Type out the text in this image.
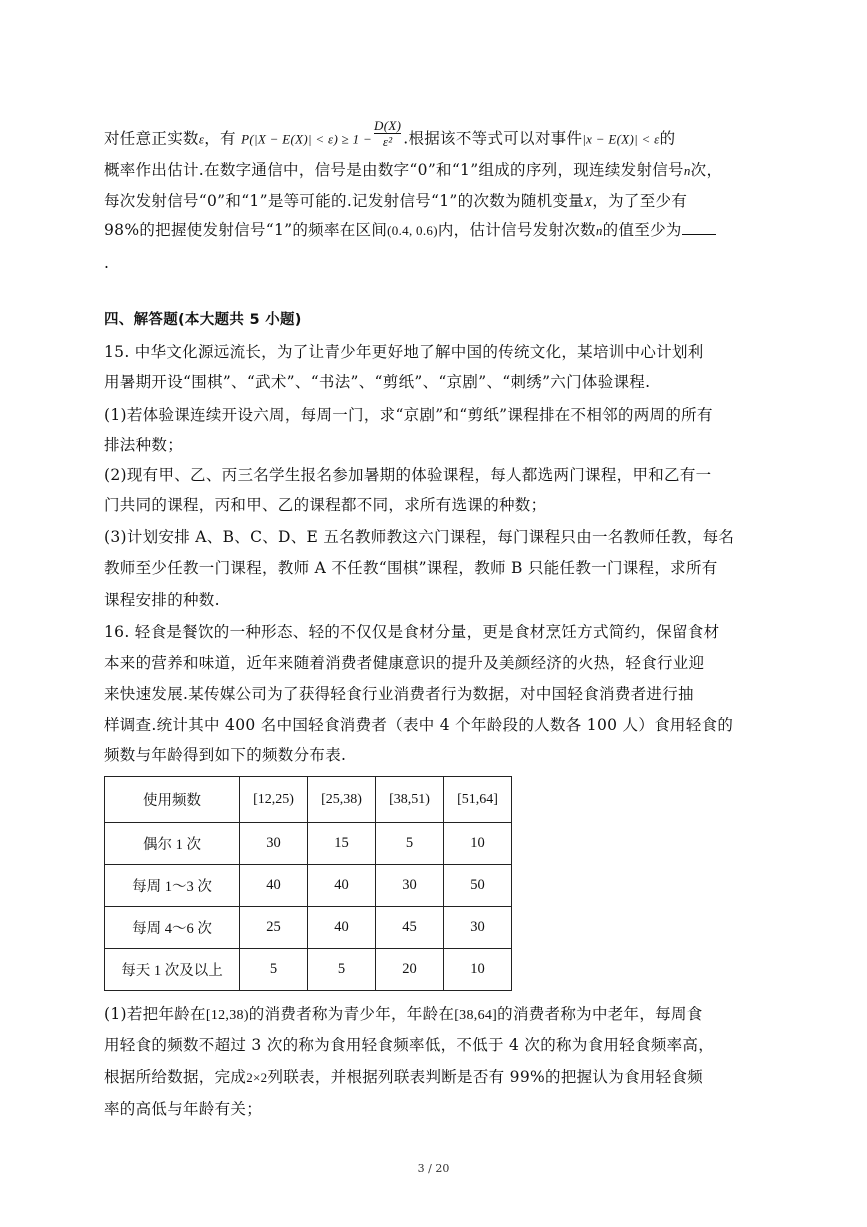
对任意正实数ε，有 $P(|X - E(X)| < \varepsilon) \ge 1 - \frac{D(X)}{\text{ε²}}$ .根据该不等式可以对事件|x − E(X)| < ε的
概率作出估计.在数字通信中，信号是由数字“0”和“1”组成的序列，现连续发射信号n次，
每次发射信号“0”和“1”是等可能的.记发射信号“1”的次数为随机变量X，为了至少有
98%的把握使发射信号“1”的频率在区间(0.4, 0.6)内，估计信号发射次数n的值至少为
.
四、解答题(本大题共 5 小题)
15. 中华文化源远流长，为了让青少年更好地了解中国的传统文化，某培训中心计划利
用暑期开设“围棋”、“武术”、“书法”、“剪纸”、“京剧”、“刺绣”六门体验课程.
(1)若体验课连续开设六周，每周一门，求“京剧”和“剪纸”课程排在不相邻的两周的所有
排法种数；
(2)现有甲、乙、丙三名学生报名参加暑期的体验课程，每人都选两门课程，甲和乙有一
门共同的课程，丙和甲、乙的课程都不同，求所有选课的种数；
(3)计划安排 A、B、C、D、E 五名教师教这六门课程，每门课程只由一名教师任教，每名
教师至少任教一门课程，教师 A 不任教“围棋”课程，教师 B 只能任教一门课程，求所有
课程安排的种数.
16. 轻食是餐饮的一种形态、轻的不仅仅是食材分量，更是食材烹饪方式简约，保留食材
本来的营养和味道，近年来随着消费者健康意识的提升及美颜经济的火热，轻食行业迎
来快速发展.某传媒公司为了获得轻食行业消费者行为数据，对中国轻食消费者进行抽
样调查.统计其中 400 名中国轻食消费者（表中 4 个年龄段的人数各 100 人）食用轻食的
频数与年龄得到如下的频数分布表.
使用频数	[12,25)	[25,38)	[38,51)	[51,64]
偶尔 1 次	30	15	5	10
每周 1～3 次	40	40	30	50
每周 4～6 次	25	40	45	30
每天 1 次及以上	5	5	20	10
(1)若把年龄在[12,38)的消费者称为青少年，年龄在[38,64]的消费者称为中老年，每周食
用轻食的频数不超过 3 次的称为食用轻食频率低，不低于 4 次的称为食用轻食频率高，
根据所给数据，完成2×2列联表，并根据列联表判断是否有 99%的把握认为食用轻食频
率的高低与年龄有关；
3 / 20
